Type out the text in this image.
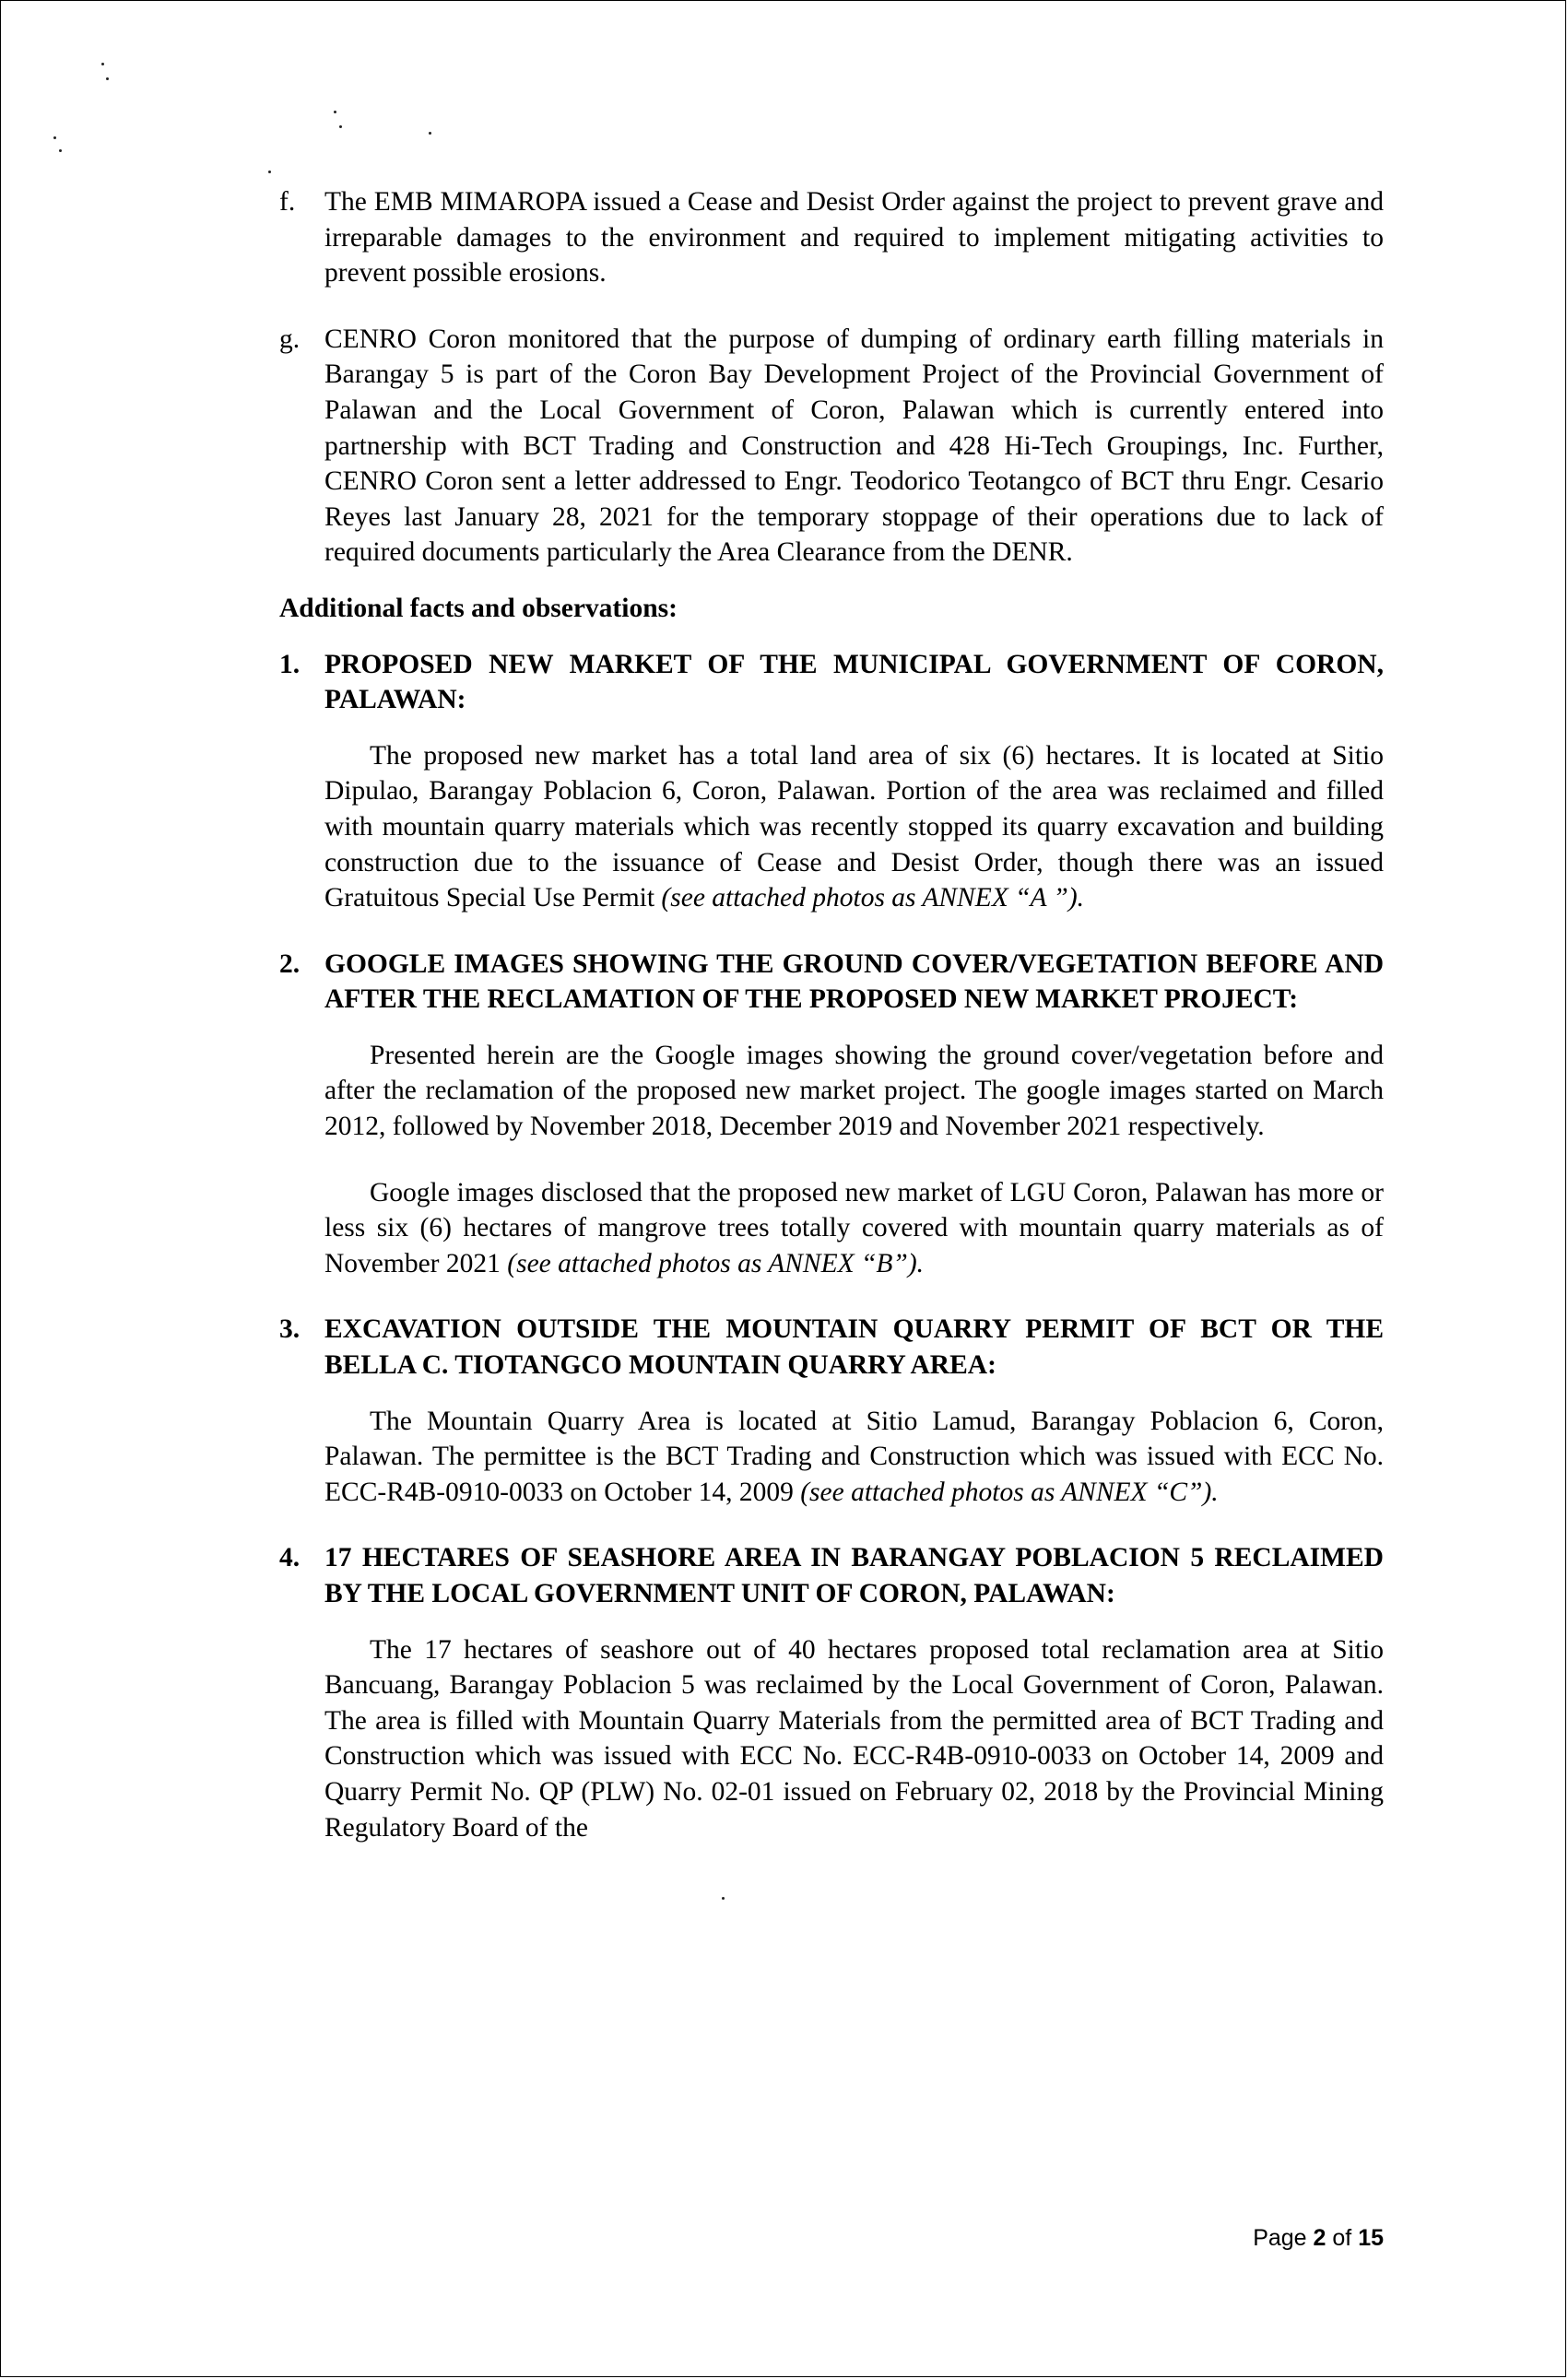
f. The EMB MIMAROPA issued a Cease and Desist Order against the project to prevent grave and irreparable damages to the environment and required to implement mitigating activities to prevent possible erosions.

g. CENRO Coron monitored that the purpose of dumping of ordinary earth filling materials in Barangay 5 is part of the Coron Bay Development Project of the Provincial Government of Palawan and the Local Government of Coron, Palawan which is currently entered into partnership with BCT Trading and Construction and 428 Hi-Tech Groupings, Inc. Further, CENRO Coron sent a letter addressed to Engr. Teodorico Teotangco of BCT thru Engr. Cesario Reyes last January 28, 2021 for the temporary stoppage of their operations due to lack of required documents particularly the Area Clearance from the DENR.

Additional facts and observations:

1. PROPOSED NEW MARKET OF THE MUNICIPAL GOVERNMENT OF CORON, PALAWAN:

The proposed new market has a total land area of six (6) hectares. It is located at Sitio Dipulao, Barangay Poblacion 6, Coron, Palawan. Portion of the area was reclaimed and filled with mountain quarry materials which was recently stopped its quarry excavation and building construction due to the issuance of Cease and Desist Order, though there was an issued Gratuitous Special Use Permit (see attached photos as ANNEX “A ”).

2. GOOGLE IMAGES SHOWING THE GROUND COVER/VEGETATION BEFORE AND AFTER THE RECLAMATION OF THE PROPOSED NEW MARKET PROJECT:

Presented herein are the Google images showing the ground cover/vegetation before and after the reclamation of the proposed new market project. The google images started on March 2012, followed by November 2018, December 2019 and November 2021 respectively.

Google images disclosed that the proposed new market of LGU Coron, Palawan has more or less six (6) hectares of mangrove trees totally covered with mountain quarry materials as of November 2021 (see attached photos as ANNEX “B”).

3. EXCAVATION OUTSIDE THE MOUNTAIN QUARRY PERMIT OF BCT OR THE BELLA C. TIOTANGCO MOUNTAIN QUARRY AREA:

The Mountain Quarry Area is located at Sitio Lamud, Barangay Poblacion 6, Coron, Palawan. The permittee is the BCT Trading and Construction which was issued with ECC No. ECC-R4B-0910-0033 on October 14, 2009 (see attached photos as ANNEX “C”).

4. 17 HECTARES OF SEASHORE AREA IN BARANGAY POBLACION 5 RECLAIMED BY THE LOCAL GOVERNMENT UNIT OF CORON, PALAWAN:

The 17 hectares of seashore out of 40 hectares proposed total reclamation area at Sitio Bancuang, Barangay Poblacion 5 was reclaimed by the Local Government of Coron, Palawan. The area is filled with Mountain Quarry Materials from the permitted area of BCT Trading and Construction which was issued with ECC No. ECC-R4B-0910-0033 on October 14, 2009 and Quarry Permit No. QP (PLW) No. 02-01 issued on February 02, 2018 by the Provincial Mining Regulatory Board of the

Page 2 of 15
